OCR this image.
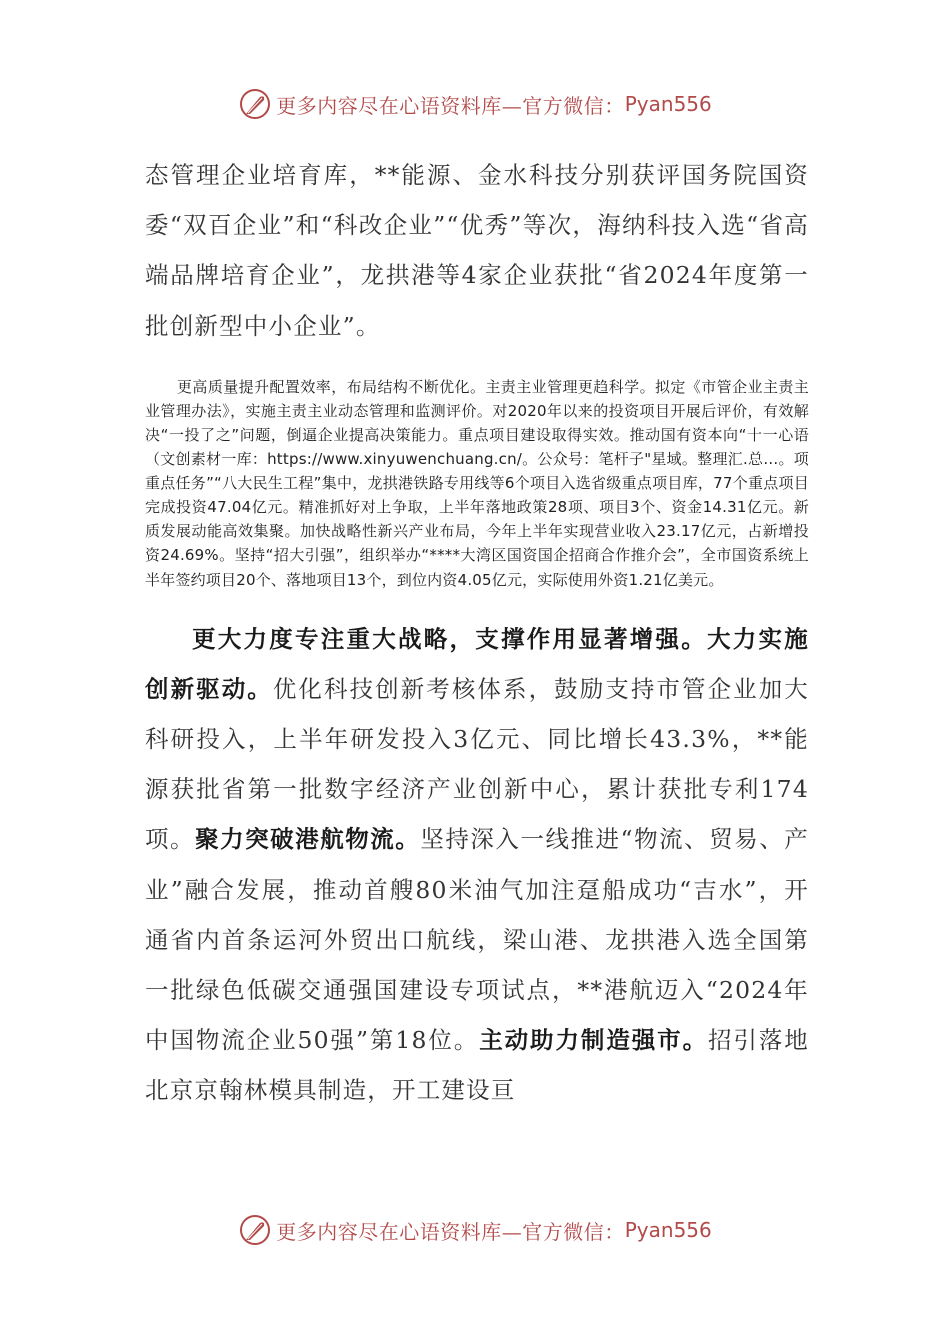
更多内容尽在心语资料库—官方微信： Pyan556

态管理企业培育库，**能源、金水科技分别获评国务院国资委“双百企业”和“科改企业”“优秀”等次，海纳科技入选“省高端品牌培育企业”，龙拱港等4家企业获批“省2024年度第一批创新型中小企业”。

更高质量提升配置效率，布局结构不断优化。主责主业管理更趋科学。拟定《市管企业主责主业管理办法》，实施主责主业动态管理和监测评价。对2020年以来的投资项目开展后评价，有效解决“一投了之”问题，倒逼企业提高决策能力。重点项目建设取得实效。推动国有资本向“十一心语（文创素材一库：https://www.xinyuwenchuang.cn/。公众号：笔杆子"星域。整理汇.总…。项重点任务”“八大民生工程”集中，龙拱港铁路专用线等6个项目入选省级重点项目库，77个重点项目完成投资47.04亿元。精准抓好对上争取，上半年落地政策28项、项目3个、资金14.31亿元。新质发展动能高效集聚。加快战略性新兴产业布局，今年上半年实现营业收入23.17亿元，占新增投资24.69%。坚持“招大引强”，组织举办“****大湾区国资国企招商合作推介会”，全市国资系统上半年签约项目20个、落地项目13个，到位内资4.05亿元，实际使用外资1.21亿美元。

更大力度专注重大战略，支撑作用显著增强。大力实施创新驱动。优化科技创新考核体系，鼓励支持市管企业加大科研投入，上半年研发投入3亿元、同比增长43.3%，**能源获批省第一批数字经济产业创新中心，累计获批专利174项。聚力突破港航物流。坚持深入一线推进“物流、贸易、产业”融合发展，推动首艘80米油气加注趸船成功“吉水”，开通省内首条运河外贸出口航线，梁山港、龙拱港入选全国第一批绿色低碳交通强国建设专项试点，**港航迈入“2024年中国物流企业50强”第18位。主动助力制造强市。招引落地北京京翰林模具制造，开工建设亘

更多内容尽在心语资料库—官方微信： Pyan556
